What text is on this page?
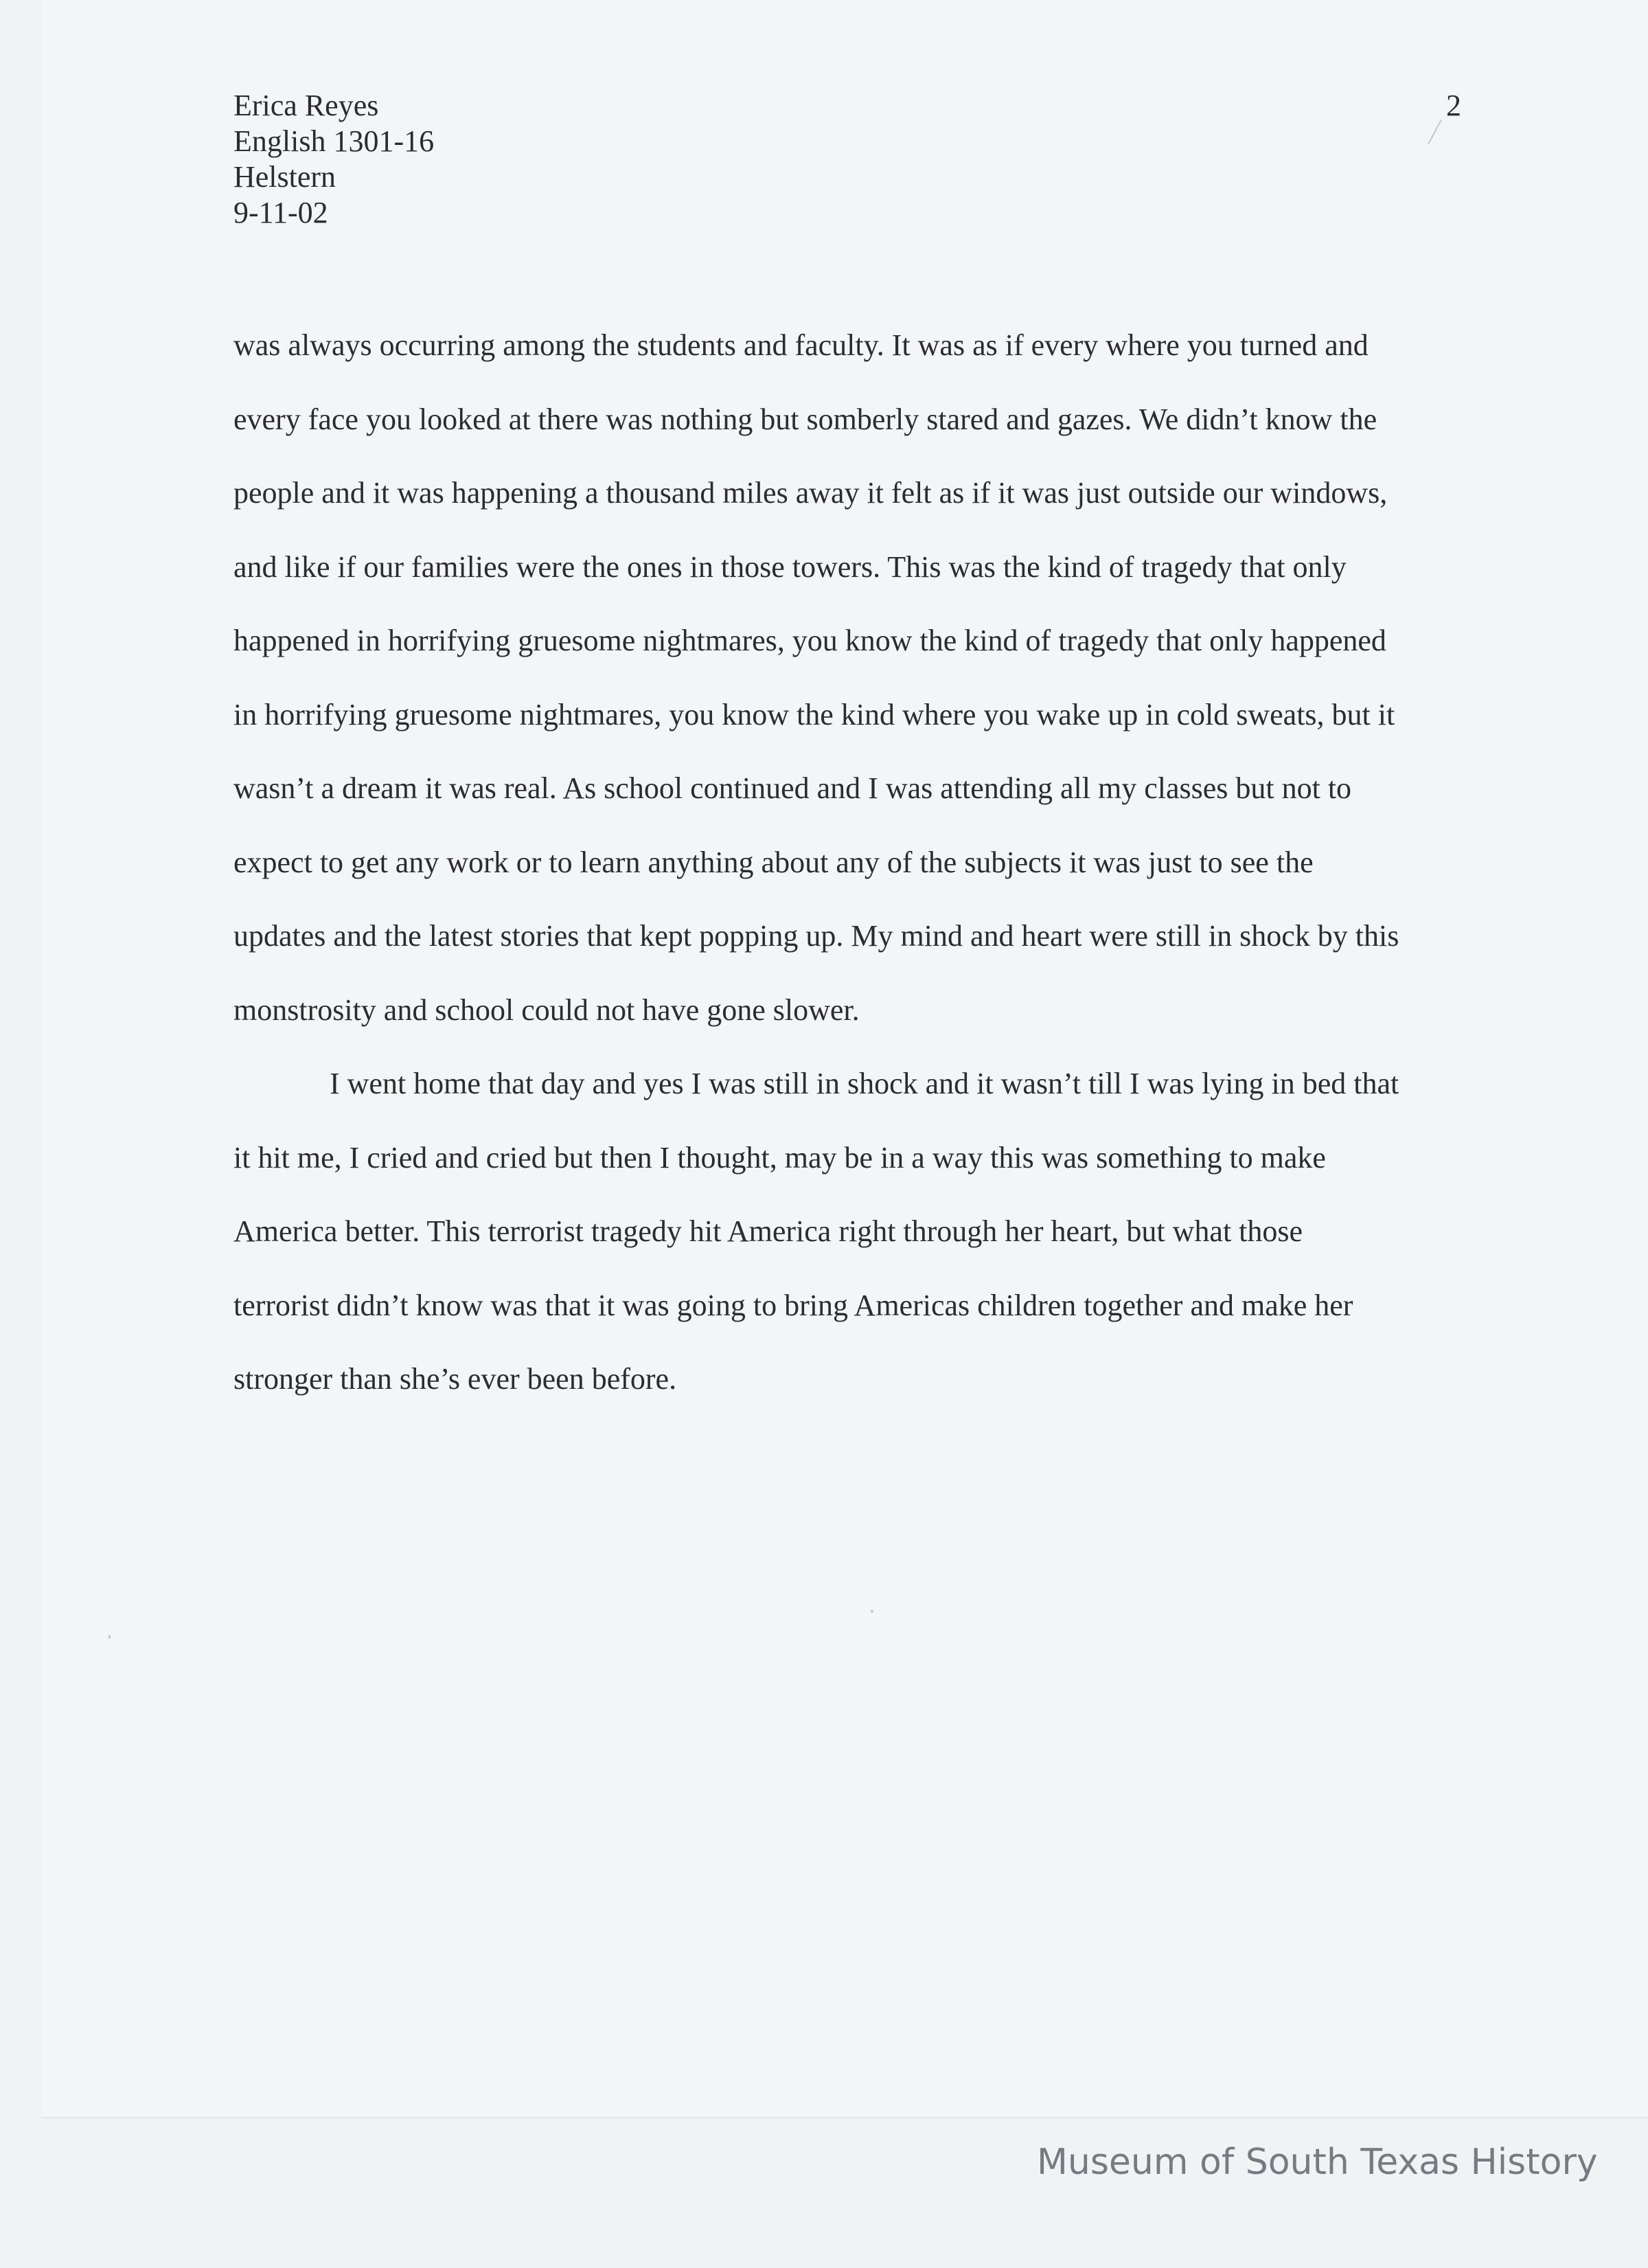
Erica Reyes
English 1301-16
Helstern
9-11-02
2
was always occurring among the students and faculty. It was as if every where you turned and
every face you looked at there was nothing but somberly stared and gazes. We didn’t know the
people and it was happening a thousand miles away it felt as if it was just outside our windows,
and like if our families were the ones in those towers. This was the kind of tragedy that only
happened in horrifying gruesome nightmares, you know the kind of tragedy that only happened
in horrifying gruesome nightmares, you know the kind where you wake up in cold sweats, but it
wasn’t a dream it was real. As school continued and I was attending all my classes but not to
expect to get any work or to learn anything about any of the subjects it was just to see the
updates and the latest stories that kept popping up. My mind and heart were still in shock by this
monstrosity and school could not have gone slower.
I went home that day and yes I was still in shock and it wasn’t till I was lying in bed that
it hit me, I cried and cried but then I thought, may be in a way this was something to make
America better. This terrorist tragedy hit America right through her heart, but what those
terrorist didn’t know was that it was going to bring Americas children together and make her
stronger than she’s ever been before.
Museum of South Texas History
